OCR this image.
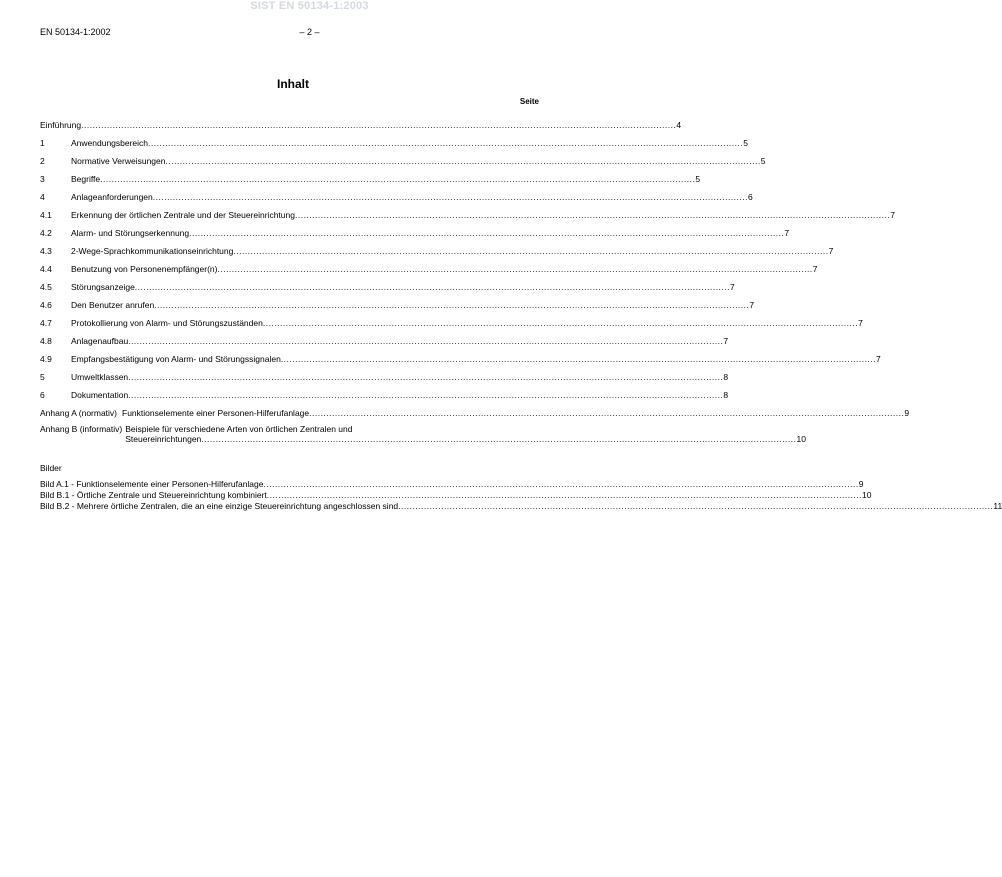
SIST EN 50134-1:2003
EN 50134-1:2002	– 2 –
Inhalt
Seite
Einführung .....	4
1	Anwendungsbereich .....	5
2	Normative Verweisungen .....	5
3	Begriffe .....	5
4	Anlageanforderungen .....	6
4.1	Erkennung der örtlichen Zentrale und der Steuereinrichtung .....	7
4.2	Alarm- und Störungserkennung .....	7
4.3	2-Wege-Sprachkommunikationseinrichtung .....	7
4.4	Benutzung von Personenempfänger(n) .....	7
4.5	Störungsanzeige .....	7
4.6	Den Benutzer anrufen .....	7
4.7	Protokollierung von Alarm- und Störungszuständen .....	7
4.8	Anlagenaufbau .....	7
4.9	Empfangsbestätigung von Alarm- und Störungssignalen .....	7
5	Umweltklassen .....	8
6	Dokumentation .....	8
Anhang A (normativ) Funktionselemente einer Personen-Hilferufanlage .....	9
Anhang B (informativ) Beispiele für verschiedene Arten von örtlichen Zentralen und
Steuereinrichtungen .....	10
Bilder
Bild A.1 - Funktionselemente einer Personen-Hilferufanlage .....	9
Bild B.1 - Örtliche Zentrale und Steuereinrichtung kombiniert .....	10
Bild B.2 - Mehrere örtliche Zentralen, die an eine einzige Steuereinrichtung angeschlossen sind .....	11
